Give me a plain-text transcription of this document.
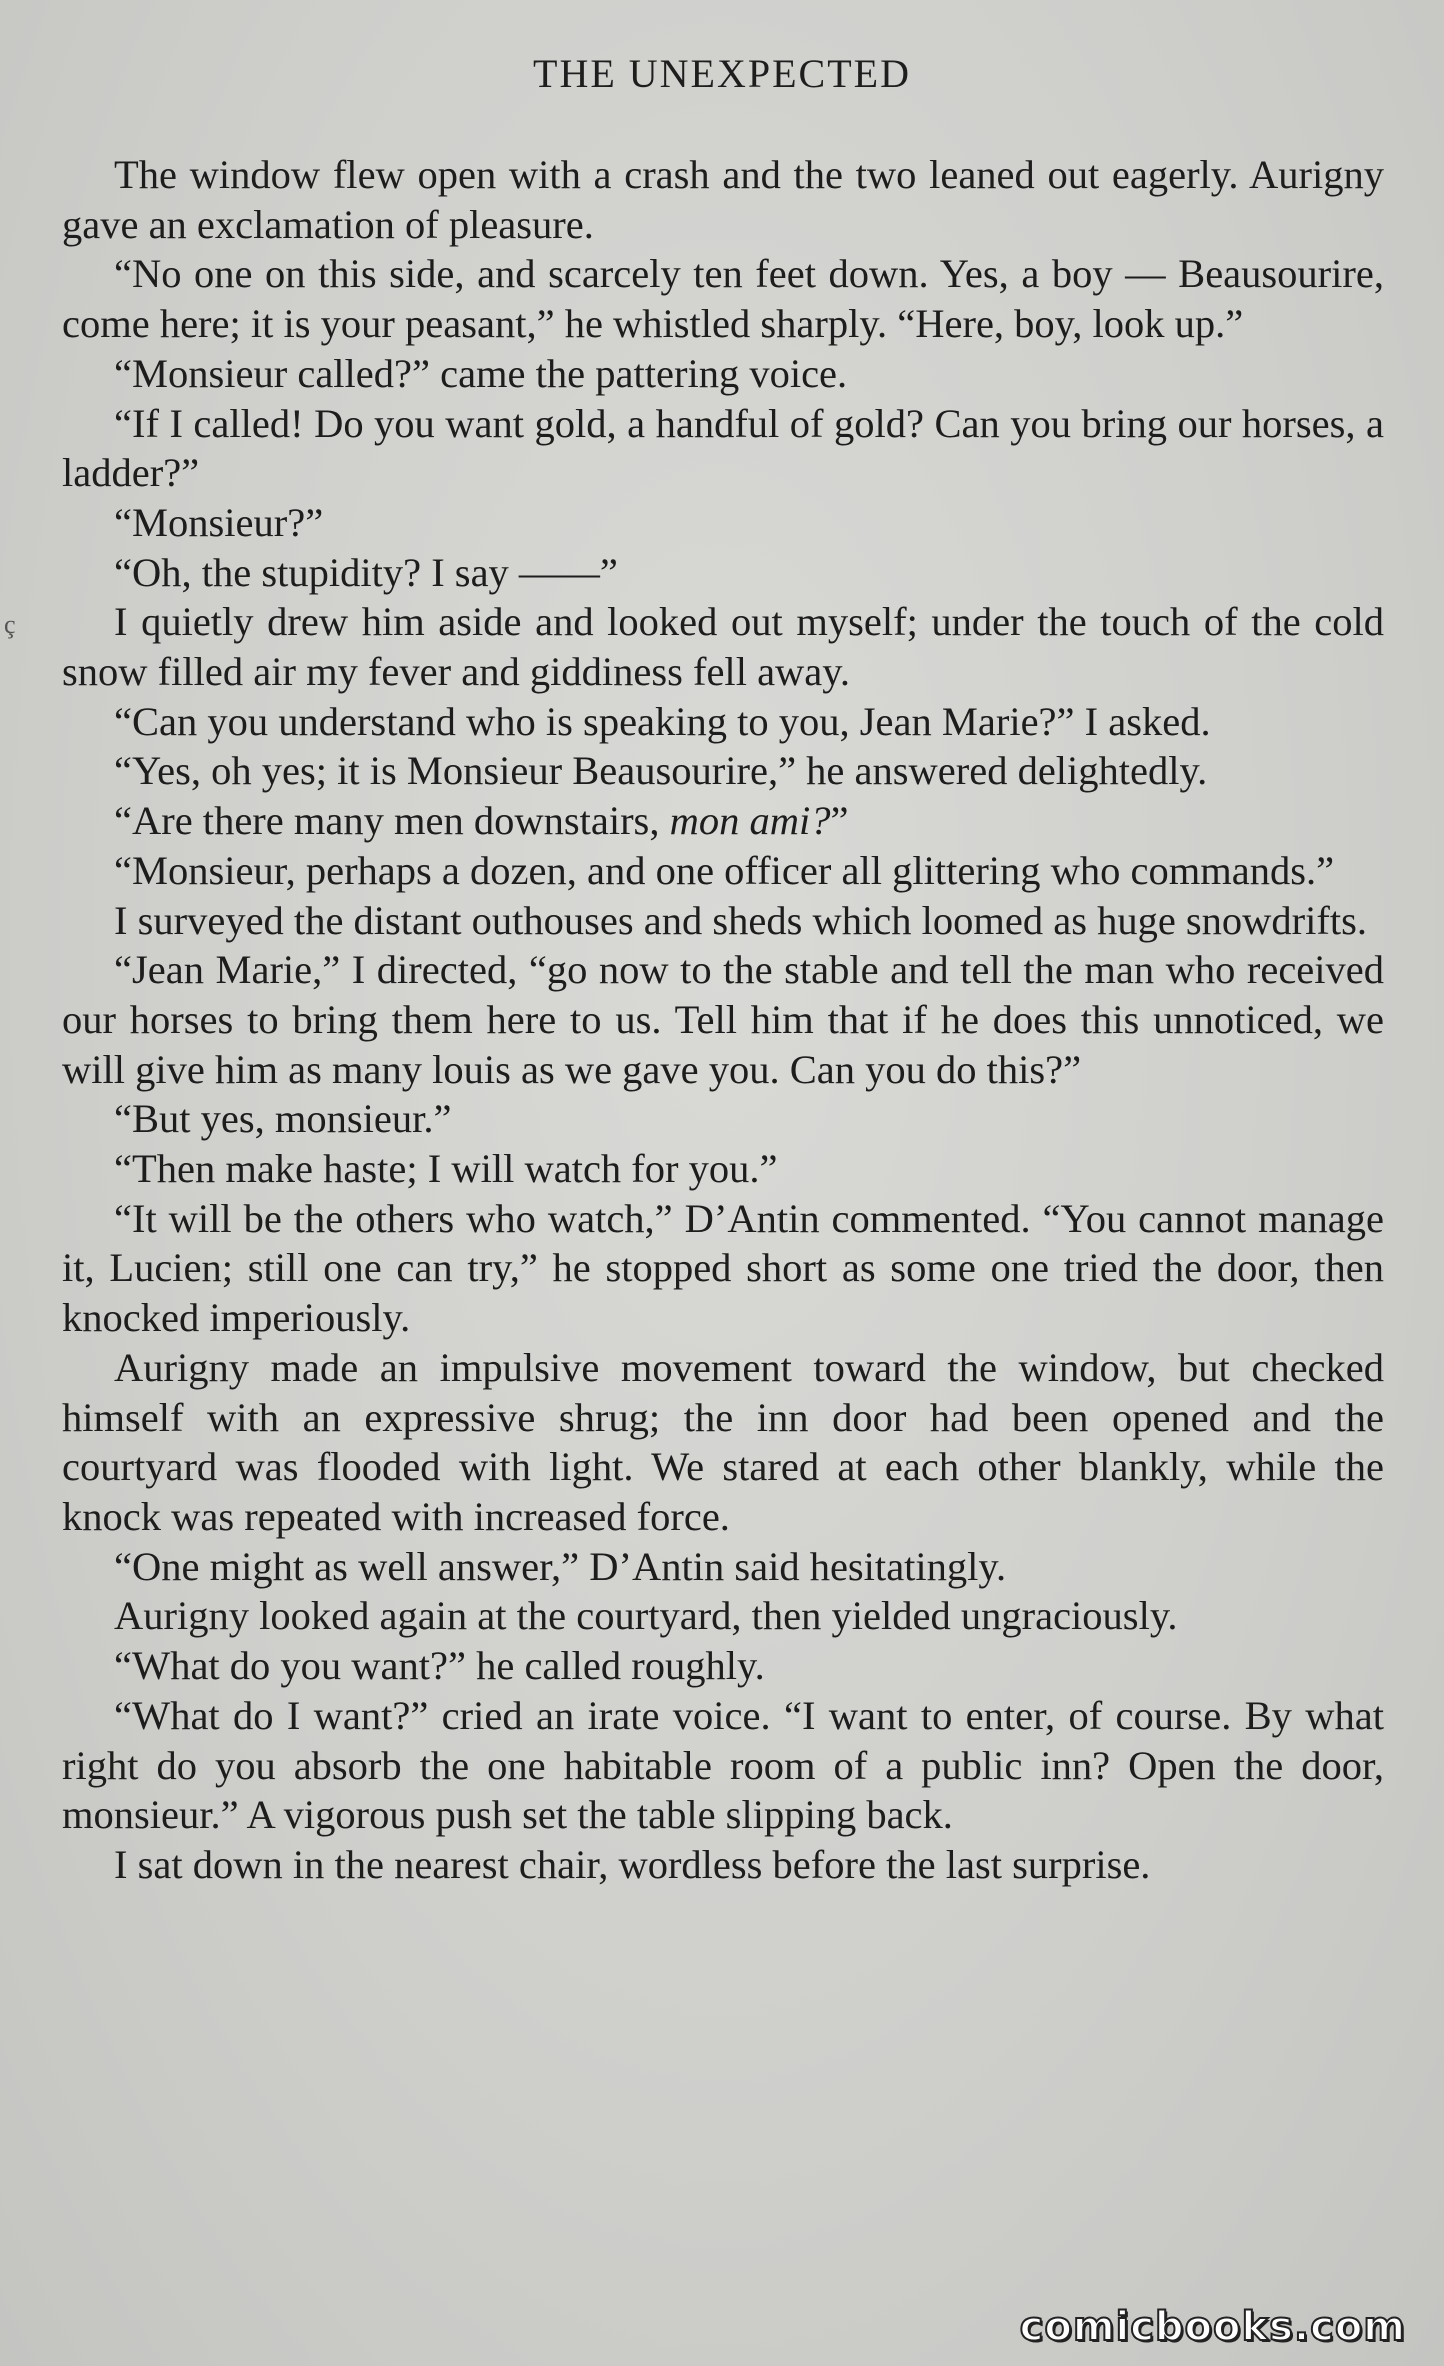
THE UNEXPECTED
ç

The window flew open with a crash and the two leaned out eagerly. Aurigny gave an exclamation of pleasure.

“No one on this side, and scarcely ten feet down. Yes, a boy — Beausourire, come here; it is your peasant,” he whistled sharply. “Here, boy, look up.”

“Monsieur called?” came the pattering voice.

“If I called! Do you want gold, a handful of gold? Can you bring our horses, a ladder?”

“Monsieur?”

“Oh, the stupidity? I say ——”

I quietly drew him aside and looked out myself; under the touch of the cold snow filled air my fever and giddiness fell away.

“Can you understand who is speaking to you, Jean Marie?” I asked.

“Yes, oh yes; it is Monsieur Beausourire,” he answered delightedly.

“Are there many men downstairs, mon ami?”

“Monsieur, perhaps a dozen, and one officer all glittering who commands.”

I surveyed the distant outhouses and sheds which loomed as huge snowdrifts.

“Jean Marie,” I directed, “go now to the stable and tell the man who received our horses to bring them here to us. Tell him that if he does this unnoticed, we will give him as many louis as we gave you. Can you do this?”

“But yes, monsieur.”

“Then make haste; I will watch for you.”

“It will be the others who watch,” D’Antin commented. “You cannot manage it, Lucien; still one can try,” he stopped short as some one tried the door, then knocked imperiously.

Aurigny made an impulsive movement toward the window, but checked himself with an expressive shrug; the inn door had been opened and the courtyard was flooded with light. We stared at each other blankly, while the knock was repeated with increased force.

“One might as well answer,” D’Antin said hesitatingly.

Aurigny looked again at the courtyard, then yielded ungraciously.

“What do you want?” he called roughly.

“What do I want?” cried an irate voice. “I want to enter, of course. By what right do you absorb the one habitable room of a public inn? Open the door, monsieur.” A vigorous push set the table slipping back.

I sat down in the nearest chair, wordless before the last surprise.

comicbooks.com
